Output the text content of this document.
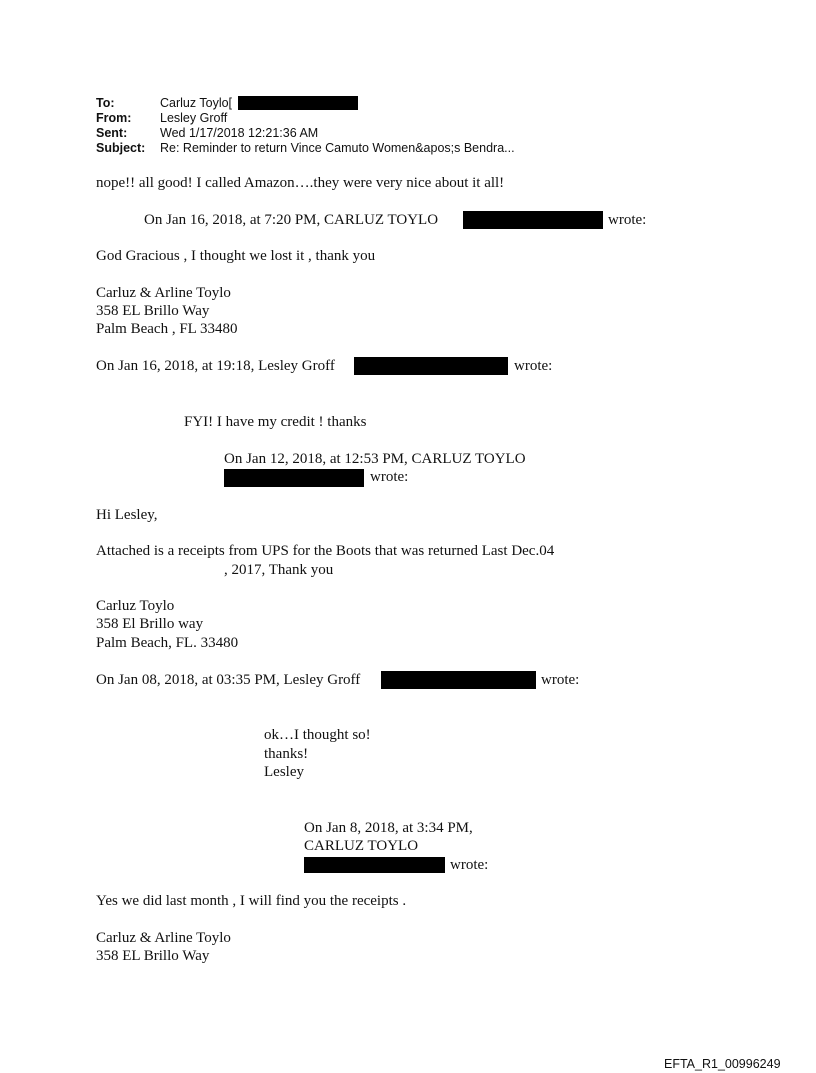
To:	Carluz Toylo[
From: Lesley Groff
Sent:	Wed 1/17/2018 12:21:36 AM
Subject: Re: Reminder to return Vince Camuto Women&apos;s Bendra...
nope!! all good! I called Amazon….they were very nice about it all!
On Jan 16, 2018, at 7:20 PM, CARLUZ TOYLO	wrote:
God Gracious , I thought we lost it , thank you
Carluz & Arline Toylo
358 EL Brillo Way
Palm Beach , FL 33480
On Jan 16, 2018, at 19:18, Lesley Groff	wrote:
FYI! I have my credit ! thanks
On Jan 12, 2018, at 12:53 PM, CARLUZ TOYLO
wrote:
Hi Lesley,
Attached is a receipts from UPS for the Boots that was returned Last Dec.04
, 2017, Thank you
Carluz Toylo
358 El Brillo way
Palm Beach, FL. 33480
On Jan 08, 2018, at 03:35 PM, Lesley Groff	wrote:
ok…I thought so!
thanks!
Lesley
On Jan 8, 2018, at 3:34 PM,
CARLUZ TOYLO
wrote:
Yes we did last month , I will find you the receipts .
Carluz & Arline Toylo
358 EL Brillo Way
EFTA_R1_00996249
